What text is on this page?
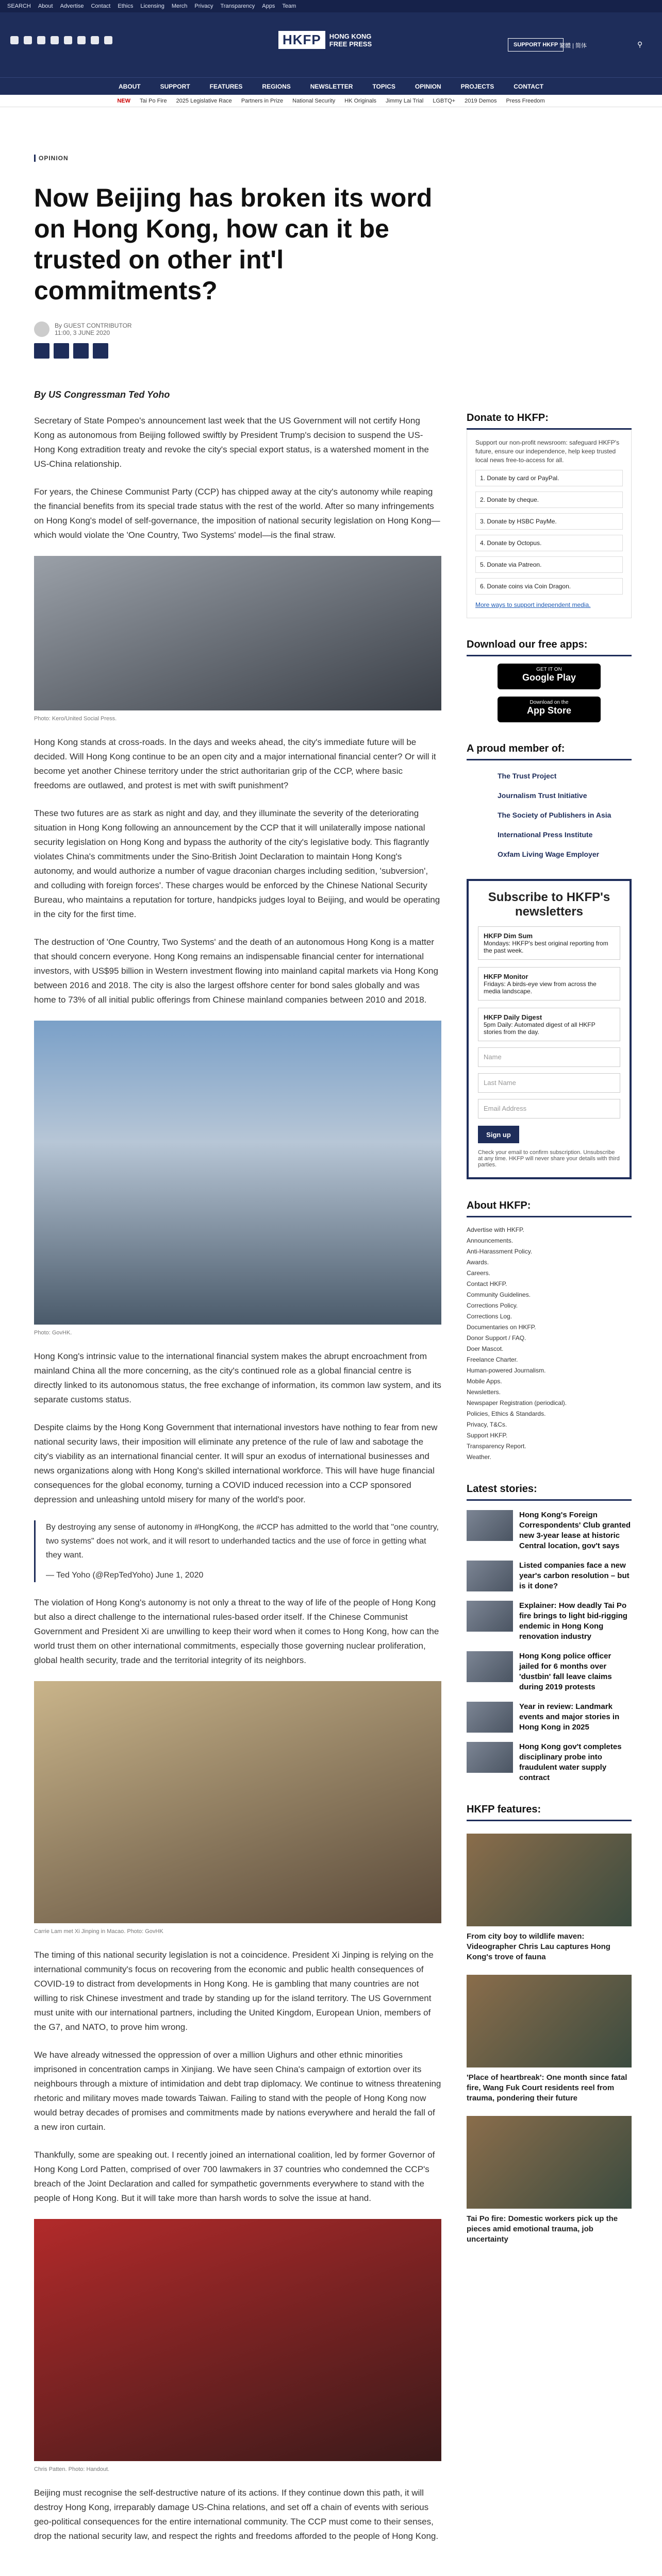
SEARCH About Advertise Contact Ethics Licensing Merch Privacy Transparency Apps Team
HKFP	HONG KONG
FREE PRESS	SUPPORT HKFP 繁體 | 简体	⚲
ABOUT	SUPPORT	FEATURES	REGIONS	NEWSLETTER	TOPICS	OPINION	PROJECTS	CONTACT
NEW Tai Po Fire 2025 Legislative Race Partners in Prize National Security HK Originals Jimmy Lai Trial LGBTQ+ 2019 Demos Press Freedom
OPINION
Now Beijing has broken its word on Hong Kong, how can it be trusted on other int'l commitments?
By GUEST CONTRIBUTOR
11:00, 3 JUNE 2020
By US Congressman Ted Yoho

Secretary of State Pompeo's announcement last week that the US Government will not certify Hong Kong as autonomous from Beijing followed swiftly by President Trump's decision to suspend the US-Hong Kong extradition treaty and revoke the city's special export status, is a watershed moment in the US-China relationship.

For years, the Chinese Communist Party (CCP) has chipped away at the city's autonomy while reaping the financial benefits from its special trade status with the rest of the world. After so many infringements on Hong Kong's model of self-governance, the imposition of national security legislation on Hong Kong—which would violate the 'One Country, Two Systems' model—is the final straw.

Photo: Kero/United Social Press.

Hong Kong stands at cross-roads. In the days and weeks ahead, the city's immediate future will be decided. Will Hong Kong continue to be an open city and a major international financial center? Or will it become yet another Chinese territory under the strict authoritarian grip of the CCP, where basic freedoms are outlawed, and protest is met with swift punishment?

These two futures are as stark as night and day, and they illuminate the severity of the deteriorating situation in Hong Kong following an announcement by the CCP that it will unilaterally impose national security legislation on Hong Kong and bypass the authority of the city's legislative body. This flagrantly violates China's commitments under the Sino-British Joint Declaration to maintain Hong Kong's autonomy, and would authorize a number of vague draconian charges including sedition, 'subversion', and colluding with foreign forces'. These charges would be enforced by the Chinese National Security Bureau, who maintains a reputation for torture, handpicks judges loyal to Beijing, and would be operating in the city for the first time.

The destruction of 'One Country, Two Systems' and the death of an autonomous Hong Kong is a matter that should concern everyone. Hong Kong remains an indispensable financial center for international investors, with US$95 billion in Western investment flowing into mainland capital markets via Hong Kong between 2016 and 2018. The city is also the largest offshore center for bond sales globally and was home to 73% of all initial public offerings from Chinese mainland companies between 2010 and 2018.

Photo: GovHK.

Hong Kong's intrinsic value to the international financial system makes the abrupt encroachment from mainland China all the more concerning, as the city's continued role as a global financial centre is directly linked to its autonomous status, the free exchange of information, its common law system, and its separate customs status.

Despite claims by the Hong Kong Government that international investors have nothing to fear from new national security laws, their imposition will eliminate any pretence of the rule of law and sabotage the city's viability as an international financial center. It will spur an exodus of international businesses and news organizations along with Hong Kong's skilled international workforce. This will have huge financial consequences for the global economy, turning a COVID induced recession into a CCP sponsored depression and unleashing untold misery for many of the world's poor.

By destroying any sense of autonomy in #HongKong, the #CCP has admitted to the world that "one country, two systems" does not work, and it will resort to underhanded tactics and the use of force in getting what they want.

— Ted Yoho (@RepTedYoho) June 1, 2020

The violation of Hong Kong's autonomy is not only a threat to the way of life of the people of Hong Kong but also a direct challenge to the international rules-based order itself. If the Chinese Communist Government and President Xi are unwilling to keep their word when it comes to Hong Kong, how can the world trust them on other international commitments, especially those governing nuclear proliferation, global health security, trade and the territorial integrity of its neighbors.

Carrie Lam met Xi Jinping in Macao. Photo: GovHK

The timing of this national security legislation is not a coincidence. President Xi Jinping is relying on the international community's focus on recovering from the economic and public health consequences of COVID-19 to distract from developments in Hong Kong. He is gambling that many countries are not willing to risk Chinese investment and trade by standing up for the island territory. The US Government must unite with our international partners, including the United Kingdom, European Union, members of the G7, and NATO, to prove him wrong.

We have already witnessed the oppression of over a million Uighurs and other ethnic minorities imprisoned in concentration camps in Xinjiang. We have seen China's campaign of extortion over its neighbours through a mixture of intimidation and debt trap diplomacy. We continue to witness threatening rhetoric and military moves made towards Taiwan. Failing to stand with the people of Hong Kong now would betray decades of promises and commitments made by nations everywhere and herald the fall of a new iron curtain.

Thankfully, some are speaking out. I recently joined an international coalition, led by former Governor of Hong Kong Lord Patten, comprised of over 700 lawmakers in 37 countries who condemned the CCP's breach of the Joint Declaration and called for sympathetic governments everywhere to stand with the people of Hong Kong. But it will take more than harsh words to solve the issue at hand.

Chris Patten. Photo: Handout.

Beijing must recognise the self-destructive nature of its actions. If they continue down this path, it will destroy Hong Kong, irreparably damage US-China relations, and set off a chain of events with serious geo-political consequences for the entire international community. The CCP must come to their senses, drop the national security law, and respect the rights and freedoms afforded to the people of Hong Kong.

Donate to HKFP:

Support our non-profit newsroom: safeguard HKFP's future, ensure our independence, help keep trusted local news free-to-access for all.

1. Donate by card or PayPal.
2. Donate by cheque.
3. Donate by HSBC PayMe.
4. Donate by Octopus.
5. Donate via Patreon.
6. Donate coins via Coin Dragon.

More ways to support independent media.

Download our free apps:
GET IT ON
Google Play
Download on the
App Store
A proud member of:
The Trust Project
Journalism Trust Initiative
The Society of Publishers in Asia
International Press Institute
Oxfam Living Wage Employer
Subscribe to HKFP's newsletters
HKFP Dim Sum
Mondays: HKFP's best original reporting from the past week.
HKFP Monitor
Fridays: A birds-eye view from across the media landscape.
HKFP Daily Digest
5pm Daily: Automated digest of all HKFP stories from the day.
Name
Last Name
Email Address
Sign up

Check your email to confirm subscription. Unsubscribe at any time. HKFP will never share your details with third parties.

About HKFP:
Advertise with HKFP.
Announcements.
Anti-Harassment Policy.
Awards.
Careers.
Contact HKFP.
Community Guidelines.
Corrections Policy.
Corrections Log.
Documentaries on HKFP.
Donor Support / FAQ.
Doer Mascot.
Freelance Charter.
Human-powered Journalism.
Mobile Apps.
Newsletters.
Newspaper Registration (periodical).
Policies, Ethics & Standards.
Privacy, T&Cs.
Support HKFP.
Transparency Report.
Weather.
Latest stories:
Hong Kong's Foreign Correspondents' Club granted new 3-year lease at historic Central location, gov't says
Listed companies face a new year's carbon resolution – but is it done?
Explainer: How deadly Tai Po fire brings to light bid-rigging endemic in Hong Kong renovation industry
Hong Kong police officer jailed for 6 months over 'dustbin' fall leave claims during 2019 protests
Year in review: Landmark events and major stories in Hong Kong in 2025
Hong Kong gov't completes disciplinary probe into fraudulent water supply contract
HKFP features:
From city boy to wildlife maven: Videographer Chris Lau captures Hong Kong's trove of fauna
'Place of heartbreak': One month since fatal fire, Wang Fuk Court residents reel from trauma, pondering their future
Tai Po fire: Domestic workers pick up the pieces amid emotional trauma, job uncertainty
